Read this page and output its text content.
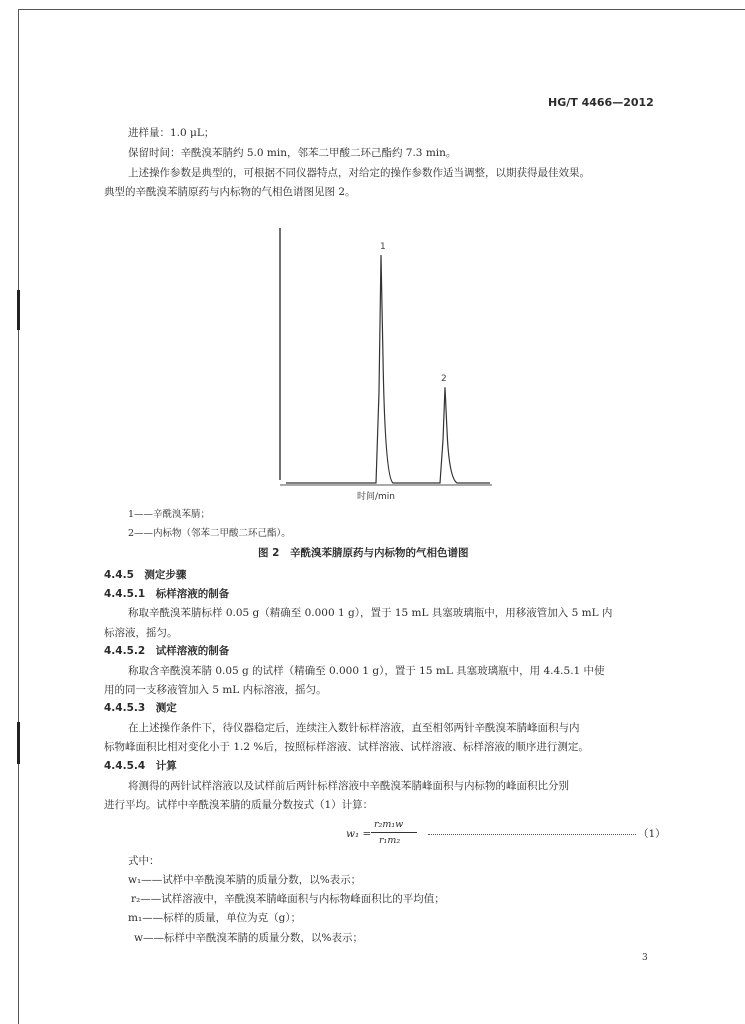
HG/T 4466—2012
进样量：1.0 μL；
保留时间：辛酰溴苯腈约 5.0 min，邻苯二甲酸二环己酯约 7.3 min。
上述操作参数是典型的，可根据不同仪器特点，对给定的操作参数作适当调整，以期获得最佳效果。
典型的辛酰溴苯腈原药与内标物的气相色谱图见图 2。
1
2
时间/min
1——辛酰溴苯腈；
2——内标物（邻苯二甲酸二环己酯）。
图 2　辛酰溴苯腈原药与内标物的气相色谱图
4.4.5　测定步骤
4.4.5.1　标样溶液的制备
称取辛酰溴苯腈标样 0.05 g（精确至 0.000 1 g），置于 15 mL 具塞玻璃瓶中，用移液管加入 5 mL 内
标溶液，摇匀。
4.4.5.2　试样溶液的制备
称取含辛酰溴苯腈 0.05 g 的试样（精确至 0.000 1 g），置于 15 mL 具塞玻璃瓶中，用 4.4.5.1 中使
用的同一支移液管加入 5 mL 内标溶液，摇匀。
4.4.5.3　测定
在上述操作条件下，待仪器稳定后，连续注入数针标样溶液，直至相邻两针辛酰溴苯腈峰面积与内
标物峰面积比相对变化小于 1.2 %后，按照标样溶液、试样溶液、试样溶液、标样溶液的顺序进行测定。
4.4.5.4　计算
将测得的两针试样溶液以及试样前后两针标样溶液中辛酰溴苯腈峰面积与内标物的峰面积比分别
进行平均。试样中辛酰溴苯腈的质量分数按式（1）计算：
w₁ =
r₂m₁w
r₁m₂
（1）
式中：
w₁——试样中辛酰溴苯腈的质量分数，以%表示；
r₂——试样溶液中，辛酰溴苯腈峰面积与内标物峰面积比的平均值；
m₁——标样的质量，单位为克（g）；
w——标样中辛酰溴苯腈的质量分数，以%表示；
3
